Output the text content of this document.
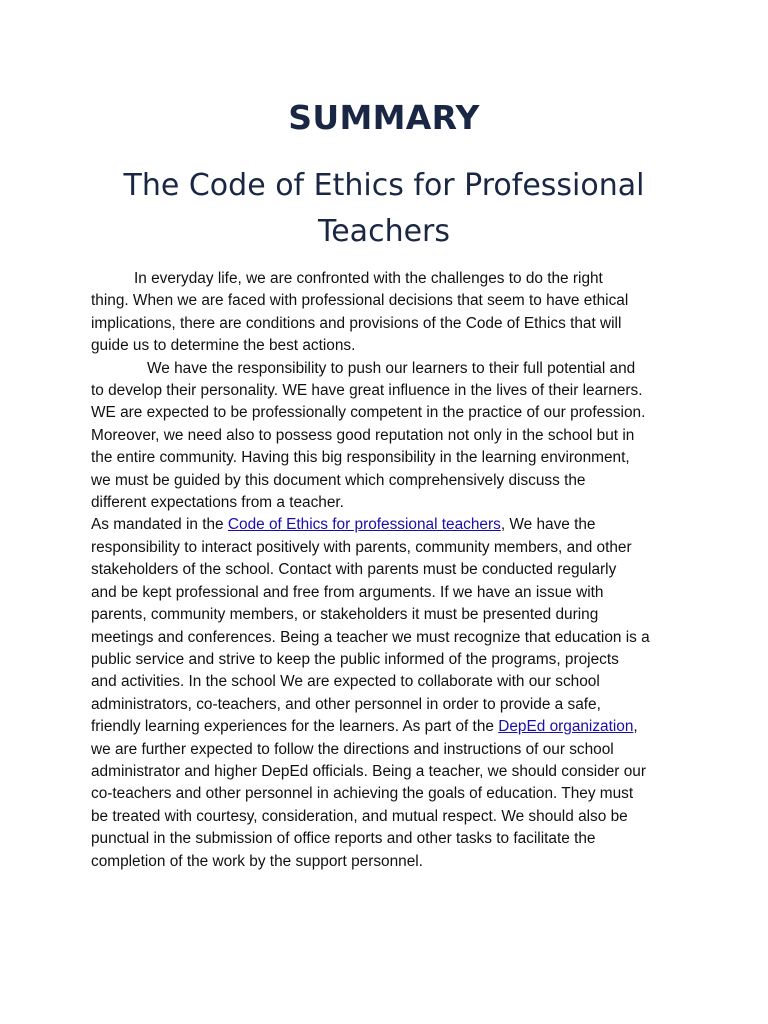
SUMMARY
The Code of Ethics for Professional
Teachers
In everyday life, we are confronted with the challenges to do the right
thing. When we are faced with professional decisions that seem to have ethical
implications, there are conditions and provisions of the Code of Ethics that will
guide us to determine the best actions.
We have the responsibility to push our learners to their full potential and
to develop their personality. WE have great influence in the lives of their learners.
WE are expected to be professionally competent in the practice of our profession.
Moreover, we need also to possess good reputation not only in the school but in
the entire community. Having this big responsibility in the learning environment,
we must be guided by this document which comprehensively discuss the
different expectations from a teacher.
As mandated in the Code of Ethics for professional teachers, We have the
responsibility to interact positively with parents, community members, and other
stakeholders of the school. Contact with parents must be conducted regularly
and be kept professional and free from arguments. If we have an issue with
parents, community members, or stakeholders it must be presented during
meetings and conferences. Being a teacher we must recognize that education is a
public service and strive to keep the public informed of the programs, projects
and activities. In the school We are expected to collaborate with our school
administrators, co-teachers, and other personnel in order to provide a safe,
friendly learning experiences for the learners. As part of the DepEd organization,
we are further expected to follow the directions and instructions of our school
administrator and higher DepEd officials. Being a teacher, we should consider our
co-teachers and other personnel in achieving the goals of education. They must
be treated with courtesy, consideration, and mutual respect. We should also be
punctual in the submission of office reports and other tasks to facilitate the
completion of the work by the support personnel.
